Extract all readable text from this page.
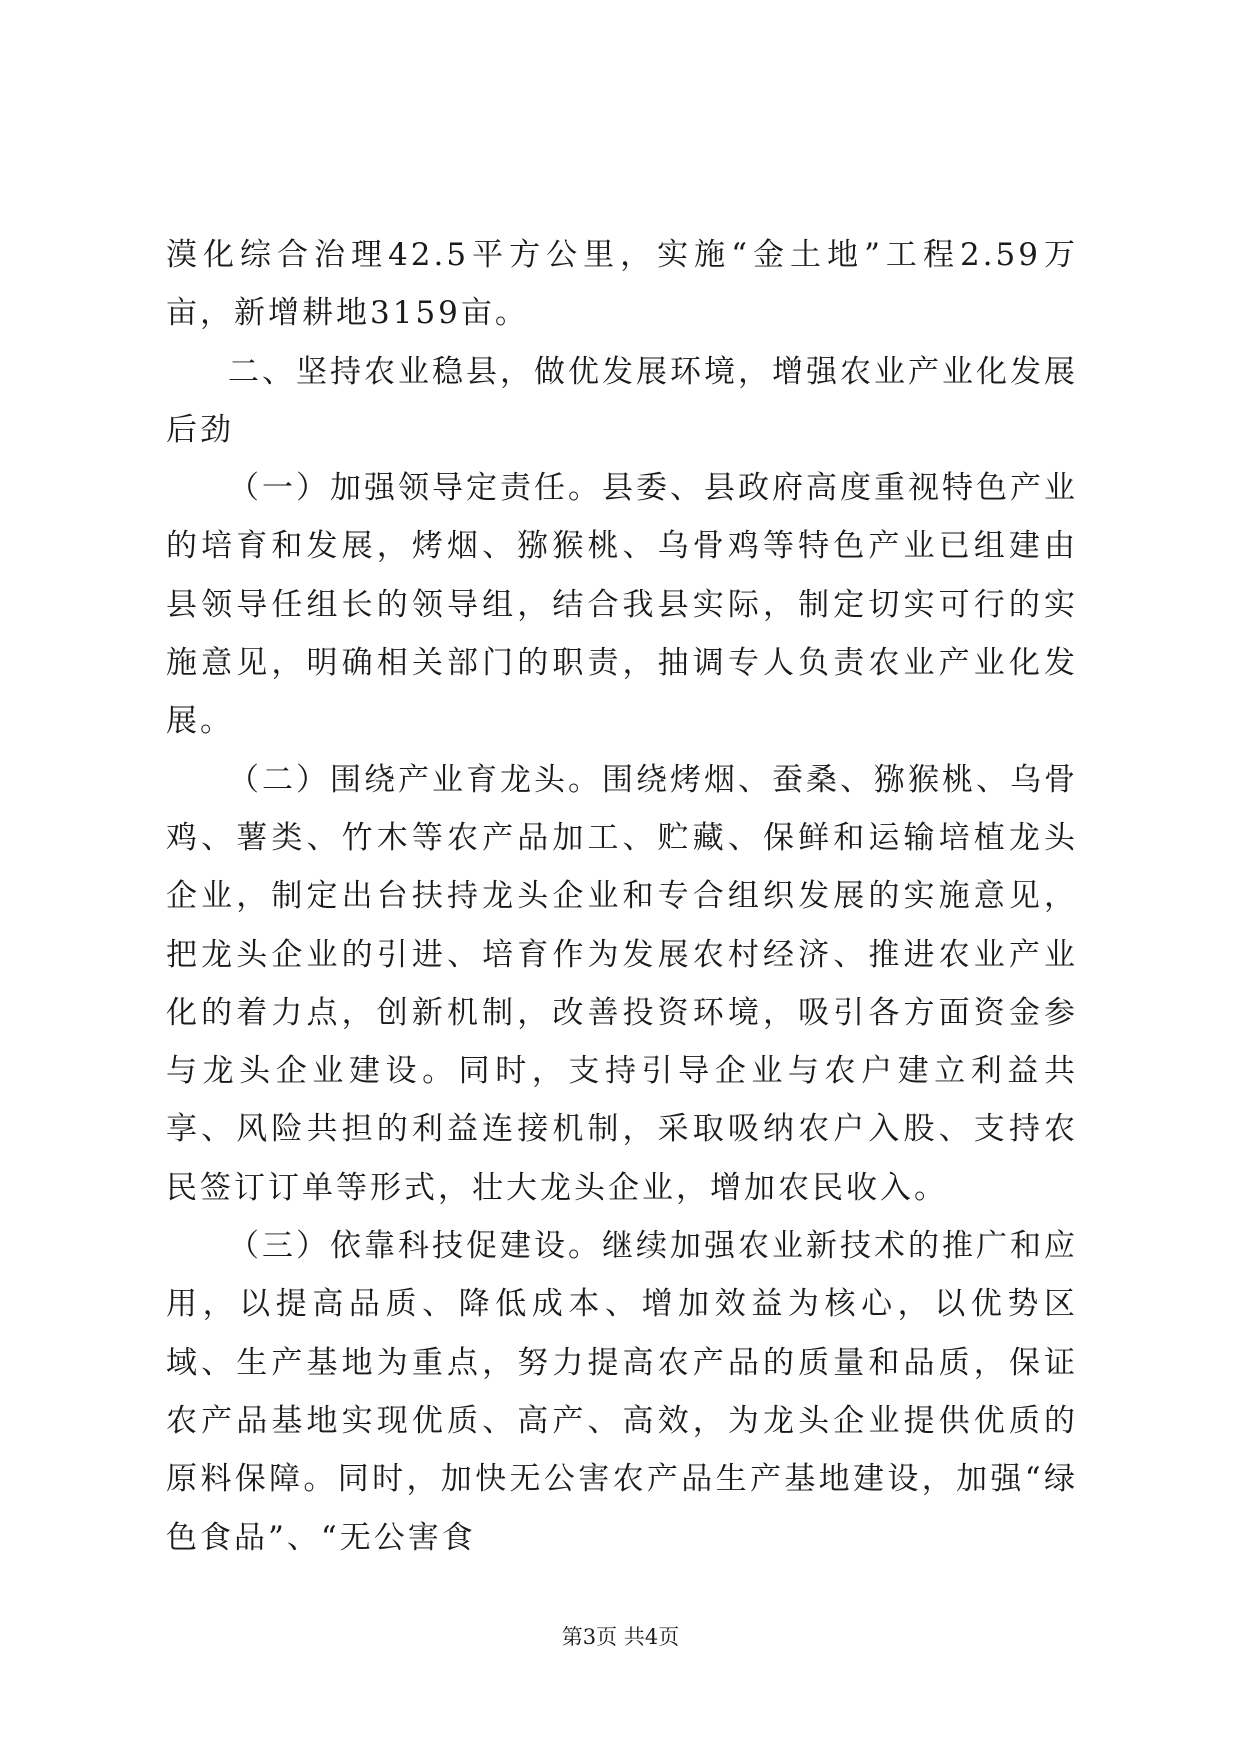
漠化综合治理42.5平方公里，实施“金土地”工程2.59万亩，新增耕地3159亩。

二、坚持农业稳县，做优发展环境，增强农业产业化发展后劲

（一）加强领导定责任。县委、县政府高度重视特色产业的培育和发展，烤烟、猕猴桃、乌骨鸡等特色产业已组建由县领导任组长的领导组，结合我县实际，制定切实可行的实施意见，明确相关部门的职责，抽调专人负责农业产业化发展。

（二）围绕产业育龙头。围绕烤烟、蚕桑、猕猴桃、乌骨鸡、薯类、竹木等农产品加工、贮藏、保鲜和运输培植龙头企业，制定出台扶持龙头企业和专合组织发展的实施意见，把龙头企业的引进、培育作为发展农村经济、推进农业产业化的着力点，创新机制，改善投资环境，吸引各方面资金参与龙头企业建设。同时，支持引导企业与农户建立利益共享、风险共担的利益连接机制，采取吸纳农户入股、支持农民签订订单等形式，壮大龙头企业，增加农民收入。

（三）依靠科技促建设。继续加强农业新技术的推广和应用，以提高品质、降低成本、增加效益为核心，以优势区域、生产基地为重点，努力提高农产品的质量和品质，保证农产品基地实现优质、高产、高效，为龙头企业提供优质的原料保障。同时，加快无公害农产品生产基地建设，加强“绿色食品”、“无公害食

第3页 共4页
